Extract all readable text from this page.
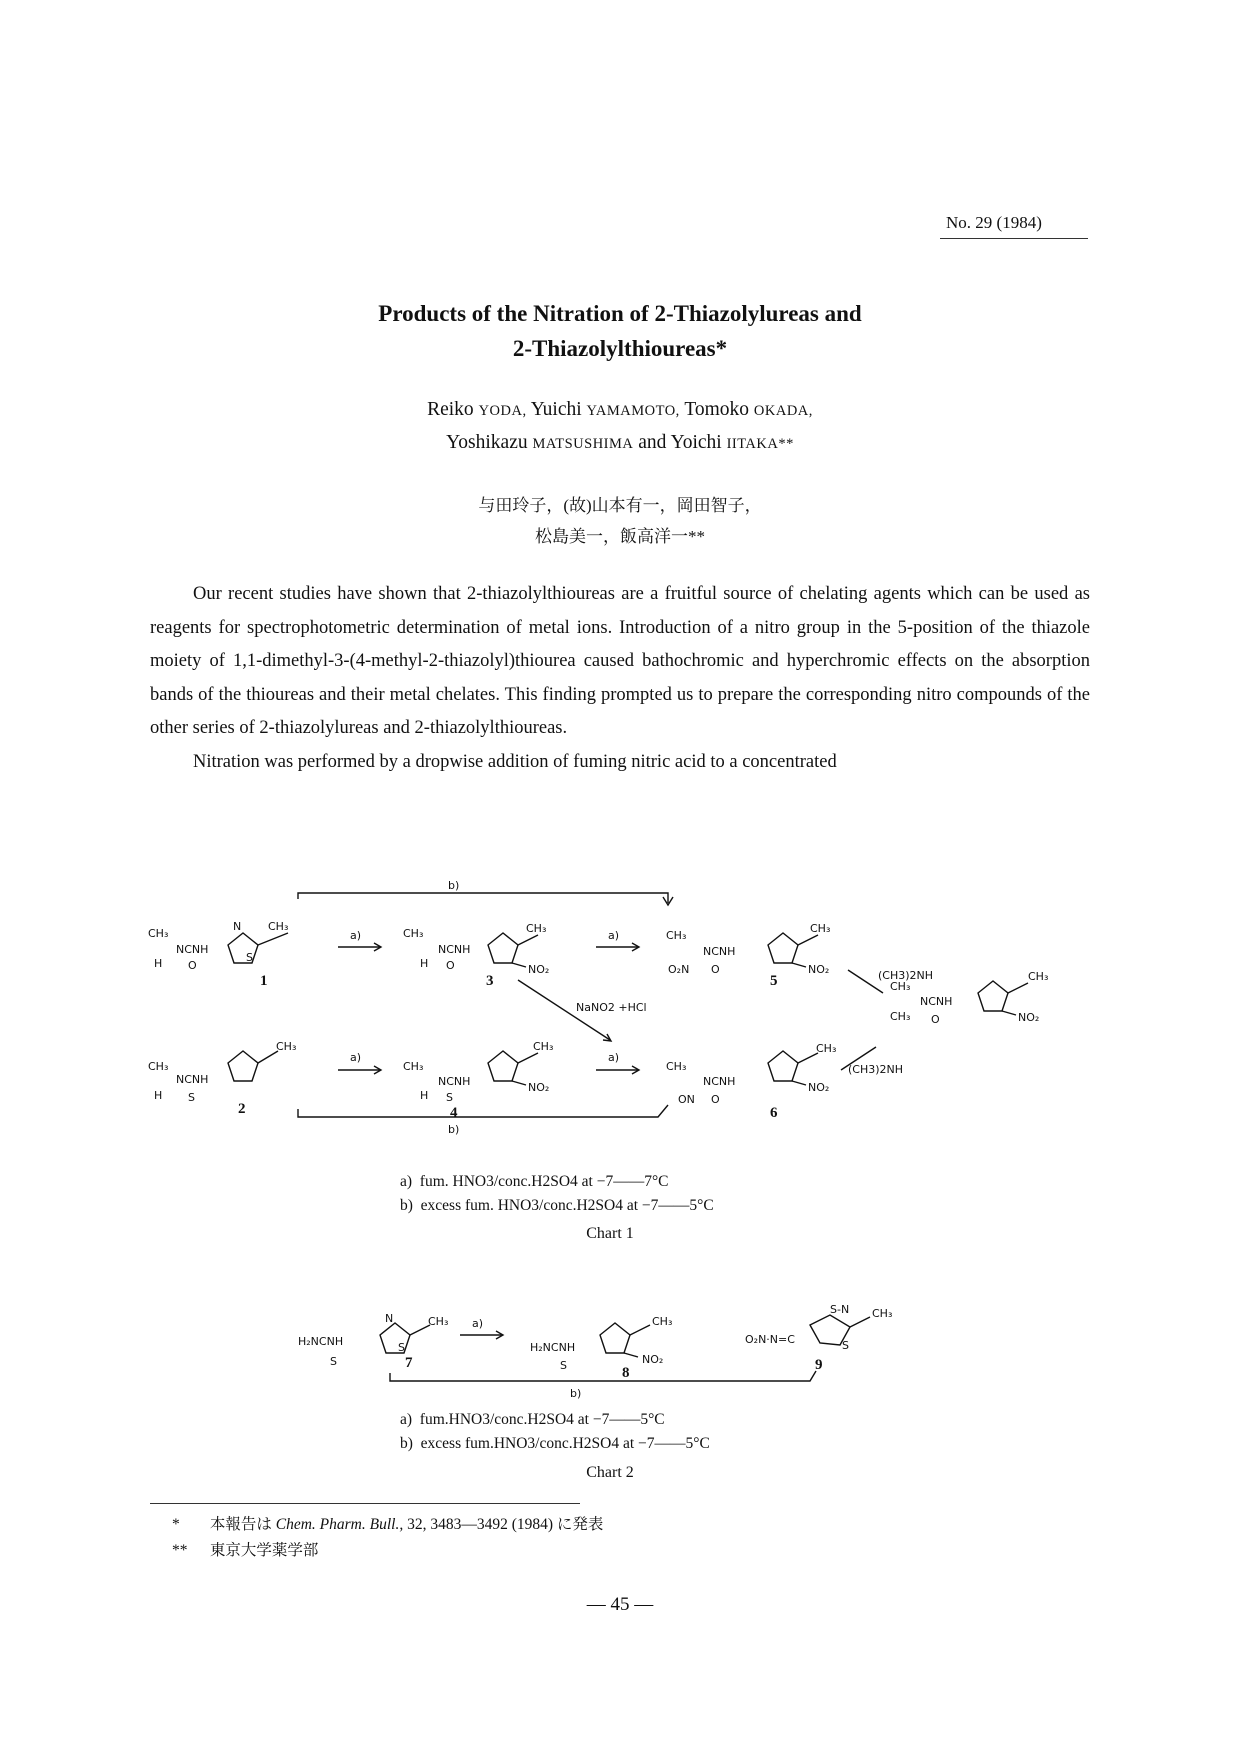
No. 29 (1984)
Products of the Nitration of 2-Thiazolylureas and
2-Thiazolylthioureas*
Reiko YODA, Yuichi YAMAMOTO, Tomoko OKADA,
Yoshikazu MATSUSHIMA and Yoichi IITAKA**
与田玲子，(故)山本有一，岡田智子，
松島美一，飯高洋一**

Our recent studies have shown that 2-thiazolylthioureas are a fruitful source of chelating agents which can be used as reagents for spectrophotometric determination of metal ions. Introduction of a nitro group in the 5-position of the thiazole moiety of 1,1-dimethyl-3-(4-methyl-2-thiazolyl)thiourea caused bathochromic and hyperchromic effects on the absorption bands of the thioureas and their metal chelates. This finding prompted us to prepare the corresponding nitro compounds of the other series of 2-thiazolylureas and 2-thiazolylthioureas.

Nitration was performed by a dropwise addition of fuming nitric acid to a concentrated

b)
CH₃
CH₃
NCNH
H O
N
S
1
a)
CH₃
NO₂
CH₃
NCNH
H O
3
a)
CH₃
NO₂
CH₃
NCNH
O₂N O
5	(CH3)2NH
(CH3)2NH
CH₃
NO₂
CH₃
NCNH
CH₃ O
NaNO2 +HCl
CH₃
CH₃
NCNH
H S
2
a)
CH₃
NO₂
CH₃
NCNH
H S
4
a)
CH₃
NO₂
CH₃
NCNH
ON O
6
b)
a) fum. HNO3/conc.H2SO4 at −7——7°C
b) excess fum. HNO3/conc.H2SO4 at −7——5°C
Chart 1
CH₃
N
S
H₂NCNH
S	7
a)	CH₃
NO₂
H₂NCNH
S	8
O₂N·N=C
CH₃
S-N
S
9
b)
a) fum.HNO3/conc.H2SO4 at −7——5°C
b) excess fum.HNO3/conc.H2SO4 at −7——5°C
Chart 2
* 本報告は Chem. Pharm. Bull., 32, 3483—3492 (1984) に発表
** 東京大学薬学部
— 45 —
